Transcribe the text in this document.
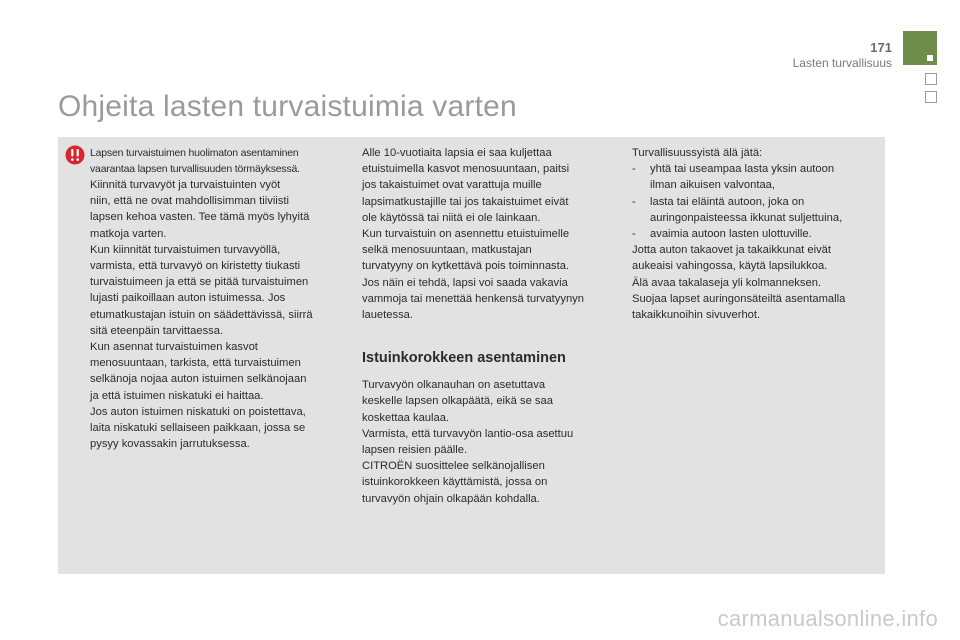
171
Lasten turvallisuus
Ohjeita lasten turvaistuimia varten
Lapsen turvaistuimen huolimaton asentaminen
vaarantaa lapsen turvallisuuden törmäyksessä.
Kiinnitä turvavyöt ja turvaistuinten vyöt
niin, että ne ovat mahdollisimman tiiviisti
lapsen kehoa vasten. Tee tämä myös lyhyitä
matkoja varten.
Kun kiinnität turvaistuimen turvavyöllä,
varmista, että turvavyö on kiristetty tiukasti
turvaistuimeen ja että se pitää turvaistuimen
lujasti paikoillaan auton istuimessa. Jos
etumatkustajan istuin on säädettävissä, siirrä
sitä eteenpäin tarvittaessa.
Kun asennat turvaistuimen kasvot
menosuuntaan, tarkista, että turvaistuimen
selkänoja nojaa auton istuimen selkänojaan
ja että istuimen niskatuki ei haittaa.
Jos auton istuimen niskatuki on poistettava,
laita niskatuki sellaiseen paikkaan, jossa se
pysyy kovassakin jarrutuksessa.
Alle 10-vuotiaita lapsia ei saa kuljettaa
etuistuimella kasvot menosuuntaan, paitsi
jos takaistuimet ovat varattuja muille
lapsimatkustajille tai jos takaistuimet eivät
ole käytössä tai niitä ei ole lainkaan.
Kun turvaistuin on asennettu etuistuimelle
selkä menosuuntaan, matkustajan
turvatyyny on kytkettävä pois toiminnasta.
Jos näin ei tehdä, lapsi voi saada vakavia
vammoja tai menettää henkensä turvatyynyn
lauetessa.
Istuinkorokkeen asentaminen
Turvavyön olkanauhan on asetuttava
keskelle lapsen olkapäätä, eikä se saa
koskettaa kaulaa.
Varmista, että turvavyön lantio-osa asettuu
lapsen reisien päälle.
CITROËN suosittelee selkänojallisen
istuinkorokkeen käyttämistä, jossa on
turvavyön ohjain olkapään kohdalla.
Turvallisuussyistä älä jätä:
-	yhtä tai useampaa lasta yksin autoon
ilman aikuisen valvontaa,
-	lasta tai eläintä autoon, joka on
auringonpaisteessa ikkunat suljettuina,
-	avaimia autoon lasten ulottuville.
Jotta auton takaovet ja takaikkunat eivät
aukeaisi vahingossa, käytä lapsilukkoa.
Älä avaa takalaseja yli kolmanneksen.
Suojaa lapset auringonsäteiltä asentamalla
takaikkunoihin sivuverhot.
carmanualsonline.info
